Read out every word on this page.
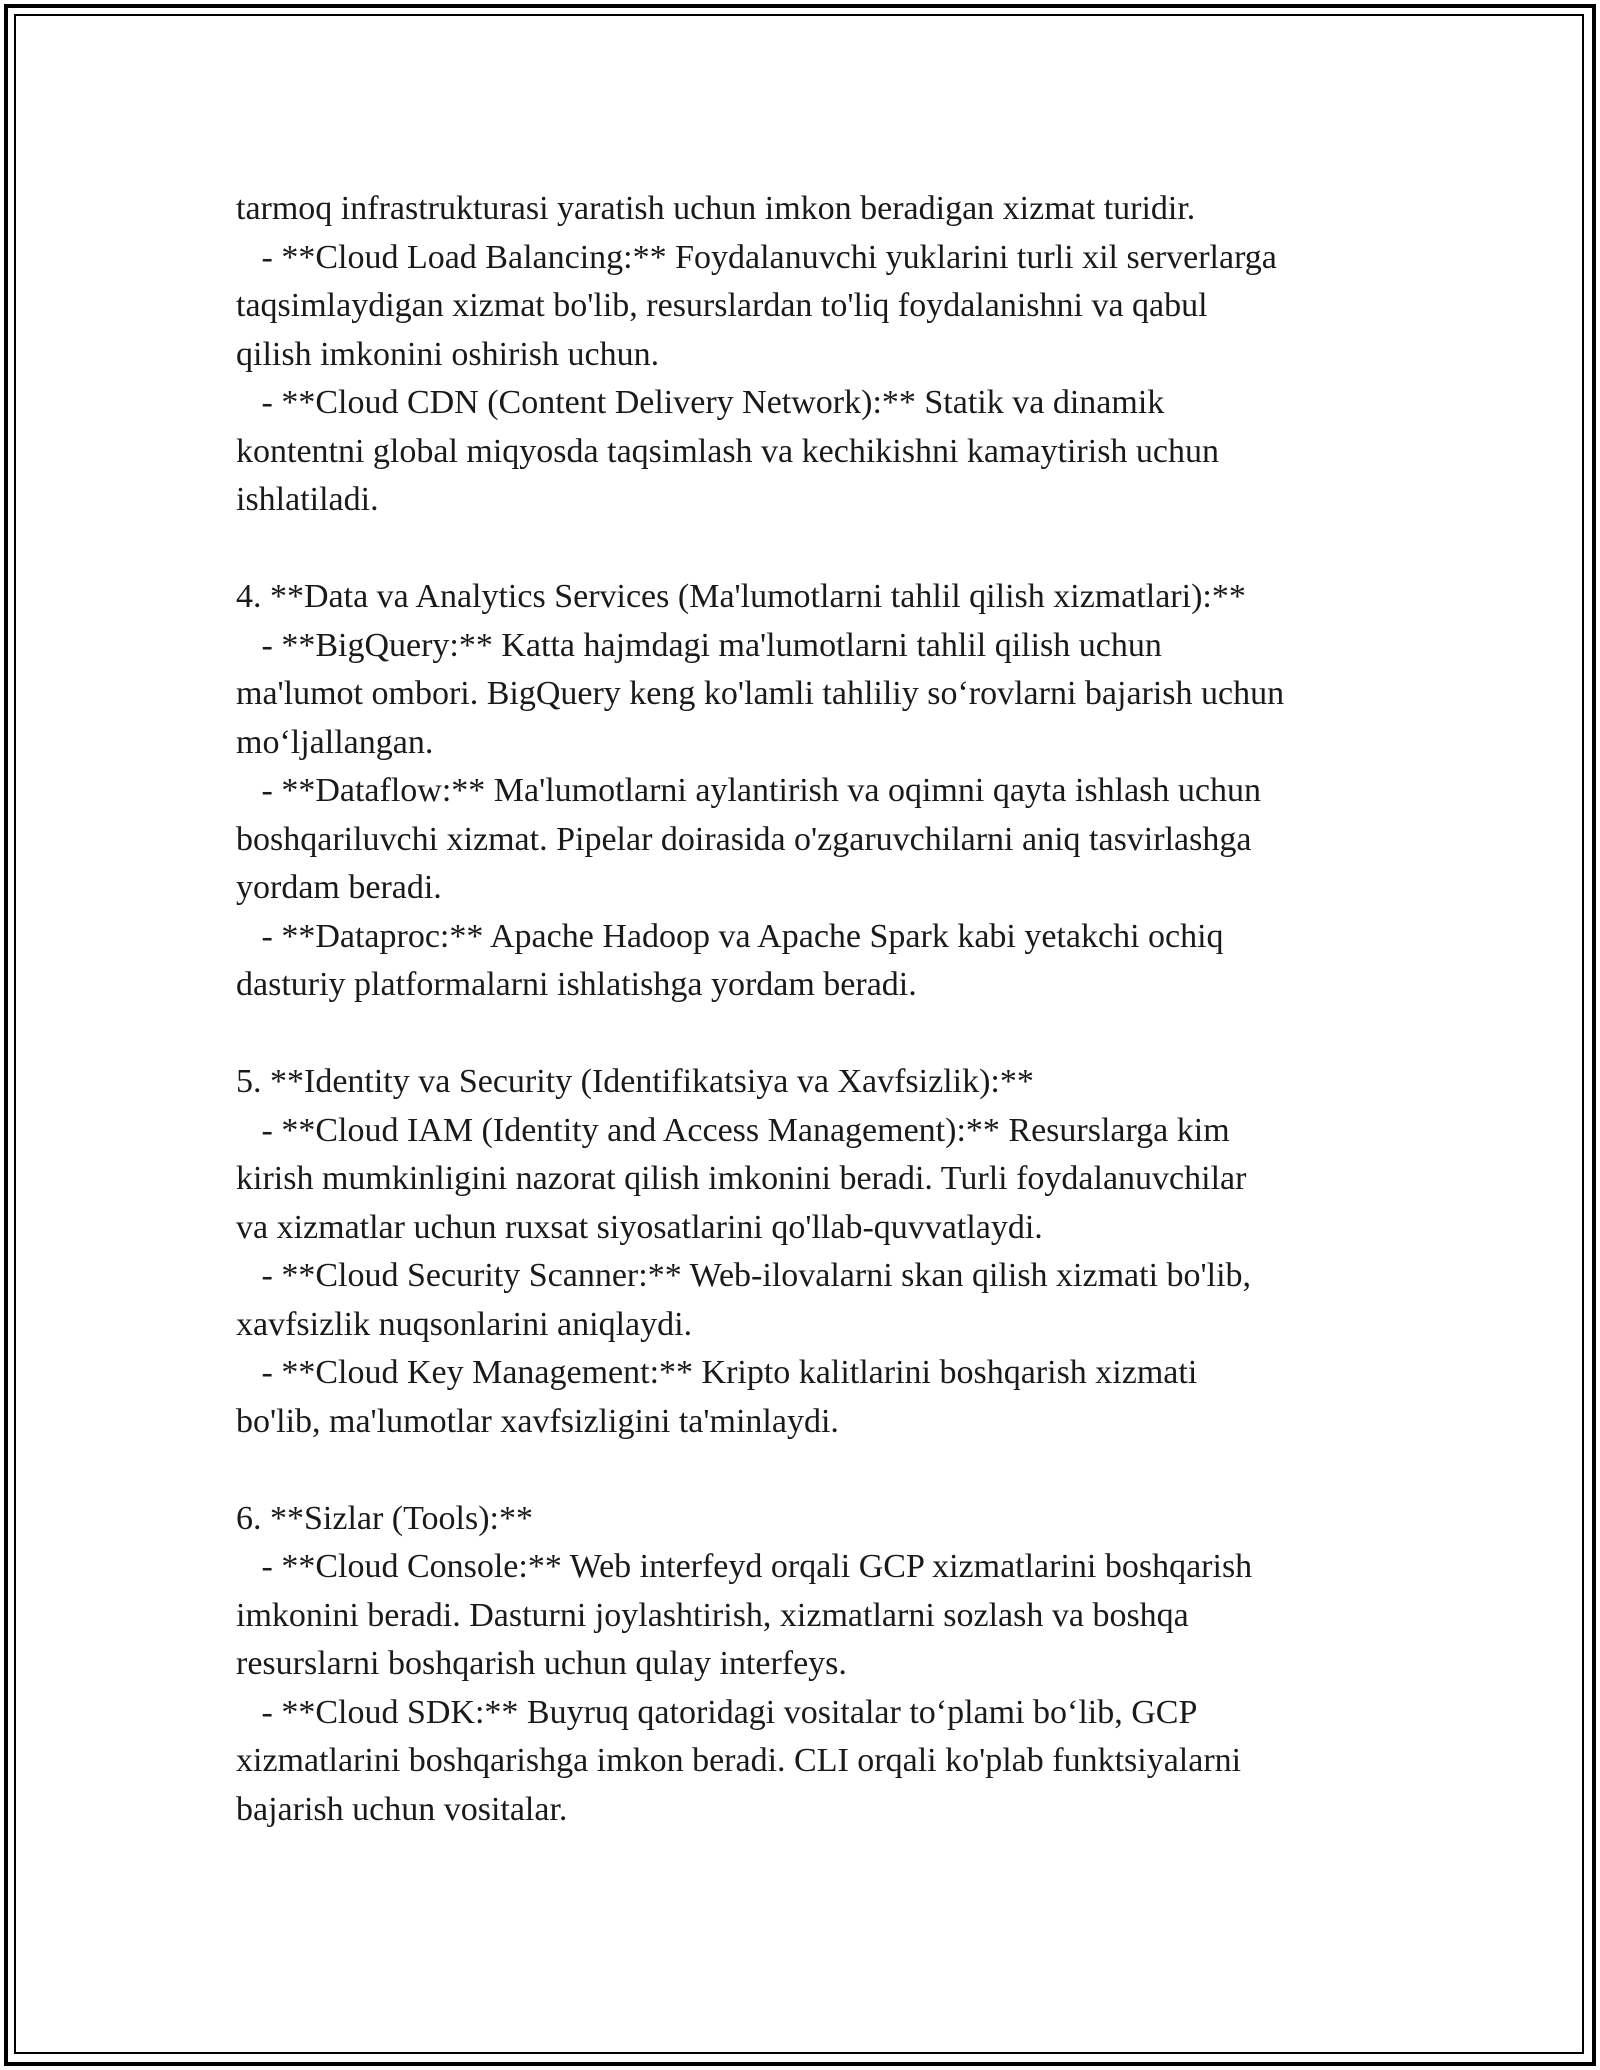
tarmoq infrastrukturasi yaratish uchun imkon beradigan xizmat turidir.
- **Cloud Load Balancing:** Foydalanuvchi yuklarini turli xil serverlarga
taqsimlaydigan xizmat bo'lib, resurslardan to'liq foydalanishni va qabul
qilish imkonini oshirish uchun.
- **Cloud CDN (Content Delivery Network):** Statik va dinamik
kontentni global miqyosda taqsimlash va kechikishni kamaytirish uchun
ishlatiladi.
4. **Data va Analytics Services (Ma'lumotlarni tahlil qilish xizmatlari):**
- **BigQuery:** Katta hajmdagi ma'lumotlarni tahlil qilish uchun
ma'lumot ombori. BigQuery keng ko'lamli tahliliy so‘rovlarni bajarish uchun
mo‘ljallangan.
- **Dataflow:** Ma'lumotlarni aylantirish va oqimni qayta ishlash uchun
boshqariluvchi xizmat. Pipelar doirasida o'zgaruvchilarni aniq tasvirlashga
yordam beradi.
- **Dataproc:** Apache Hadoop va Apache Spark kabi yetakchi ochiq
dasturiy platformalarni ishlatishga yordam beradi.
5. **Identity va Security (Identifikatsiya va Xavfsizlik):**
- **Cloud IAM (Identity and Access Management):** Resurslarga kim
kirish mumkinligini nazorat qilish imkonini beradi. Turli foydalanuvchilar
va xizmatlar uchun ruxsat siyosatlarini qo'llab-quvvatlaydi.
- **Cloud Security Scanner:** Web-ilovalarni skan qilish xizmati bo'lib,
xavfsizlik nuqsonlarini aniqlaydi.
- **Cloud Key Management:** Kripto kalitlarini boshqarish xizmati
bo'lib, ma'lumotlar xavfsizligini ta'minlaydi.
6. **Sizlar (Tools):**
- **Cloud Console:** Web interfeyd orqali GCP xizmatlarini boshqarish
imkonini beradi. Dasturni joylashtirish, xizmatlarni sozlash va boshqa
resurslarni boshqarish uchun qulay interfeys.
- **Cloud SDK:** Buyruq qatoridagi vositalar to‘plami bo‘lib, GCP
xizmatlarini boshqarishga imkon beradi. CLI orqali ko'plab funktsiyalarni
bajarish uchun vositalar.
